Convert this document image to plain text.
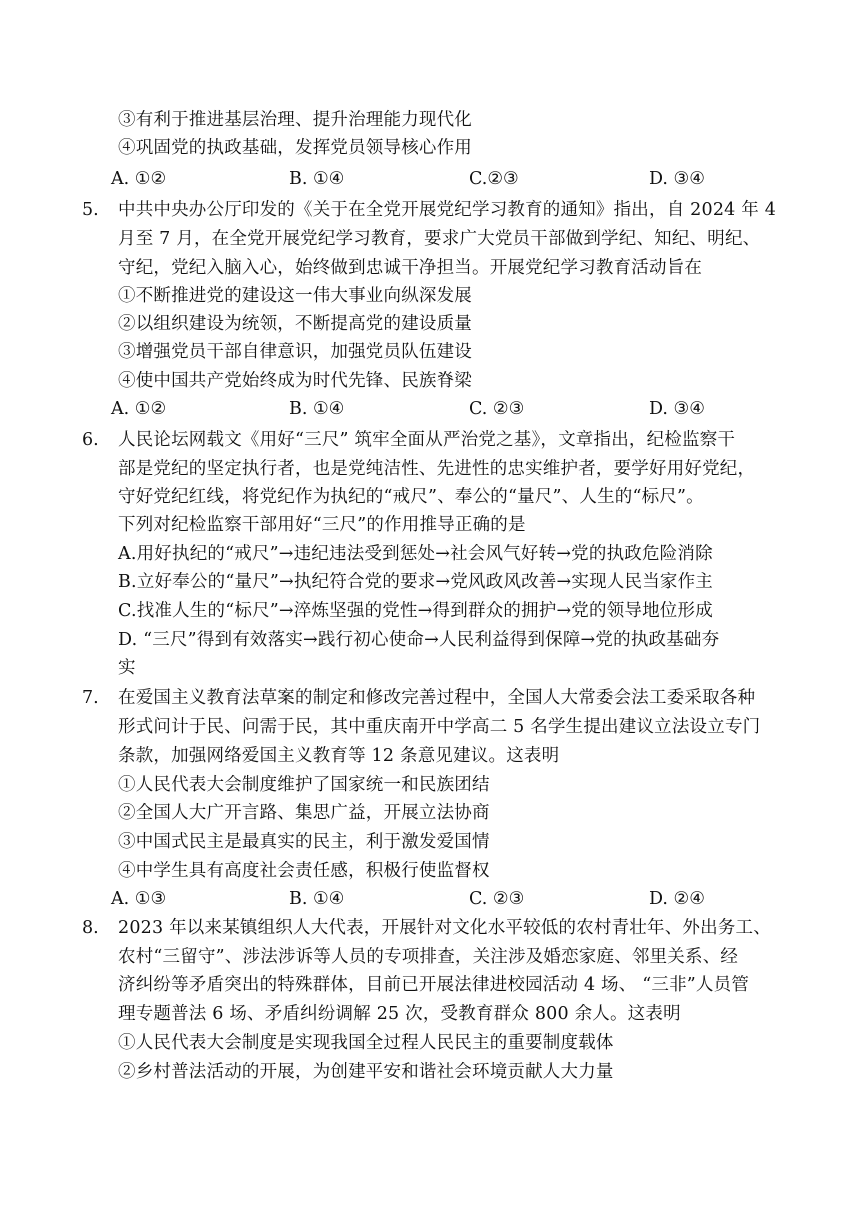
③有利于推进基层治理、提升治理能力现代化
④巩固党的执政基础，发挥党员领导核心作用
A. ①②	B. ①④	C.②③	D. ③④
5. 中共中央办公厅印发的《关于在全党开展党纪学习教育的通知》指出，自 2024 年 4
月至 7 月，在全党开展党纪学习教育，要求广大党员干部做到学纪、知纪、明纪、
守纪，党纪入脑入心，始终做到忠诚干净担当。开展党纪学习教育活动旨在
①不断推进党的建设这一伟大事业向纵深发展
②以组织建设为统领，不断提高党的建设质量
③增强党员干部自律意识，加强党员队伍建设
④使中国共产党始终成为时代先锋、民族脊梁
A. ①②	B. ①④	C. ②③	D. ③④
6. 人民论坛网载文《用好“三尺” 筑牢全面从严治党之基》，文章指出，纪检监察干
部是党纪的坚定执行者，也是党纯洁性、先进性的忠实维护者，要学好用好党纪，
守好党纪红线，将党纪作为执纪的“戒尺”、奉公的“量尺”、人生的“标尺”。
下列对纪检监察干部用好“三尺”的作用推导正确的是
A.用好执纪的“戒尺”→违纪违法受到惩处→社会风气好转→党的执政危险消除
B.立好奉公的“量尺”→执纪符合党的要求→党风政风改善→实现人民当家作主
C.找准人生的“标尺”→淬炼坚强的党性→得到群众的拥护→党的领导地位形成
D. “三尺”得到有效落实→践行初心使命→人民利益得到保障→党的执政基础夯
实
7. 在爱国主义教育法草案的制定和修改完善过程中，全国人大常委会法工委采取各种
形式问计于民、问需于民，其中重庆南开中学高二 5 名学生提出建议立法设立专门
条款，加强网络爱国主义教育等 12 条意见建议。这表明
①人民代表大会制度维护了国家统一和民族团结
②全国人大广开言路、集思广益，开展立法协商
③中国式民主是最真实的民主，利于激发爱国情
④中学生具有高度社会责任感，积极行使监督权
A. ①③	B. ①④	C. ②③	D. ②④
8. 2023 年以来某镇组织人大代表，开展针对文化水平较低的农村青壮年、外出务工、
农村“三留守”、涉法涉诉等人员的专项排查，关注涉及婚恋家庭、邻里关系、经
济纠纷等矛盾突出的特殊群体，目前已开展法律进校园活动 4 场、 “三非”人员管
理专题普法 6 场、矛盾纠纷调解 25 次，受教育群众 800 余人。这表明
①人民代表大会制度是实现我国全过程人民民主的重要制度载体
②乡村普法活动的开展，为创建平安和谐社会环境贡献人大力量
